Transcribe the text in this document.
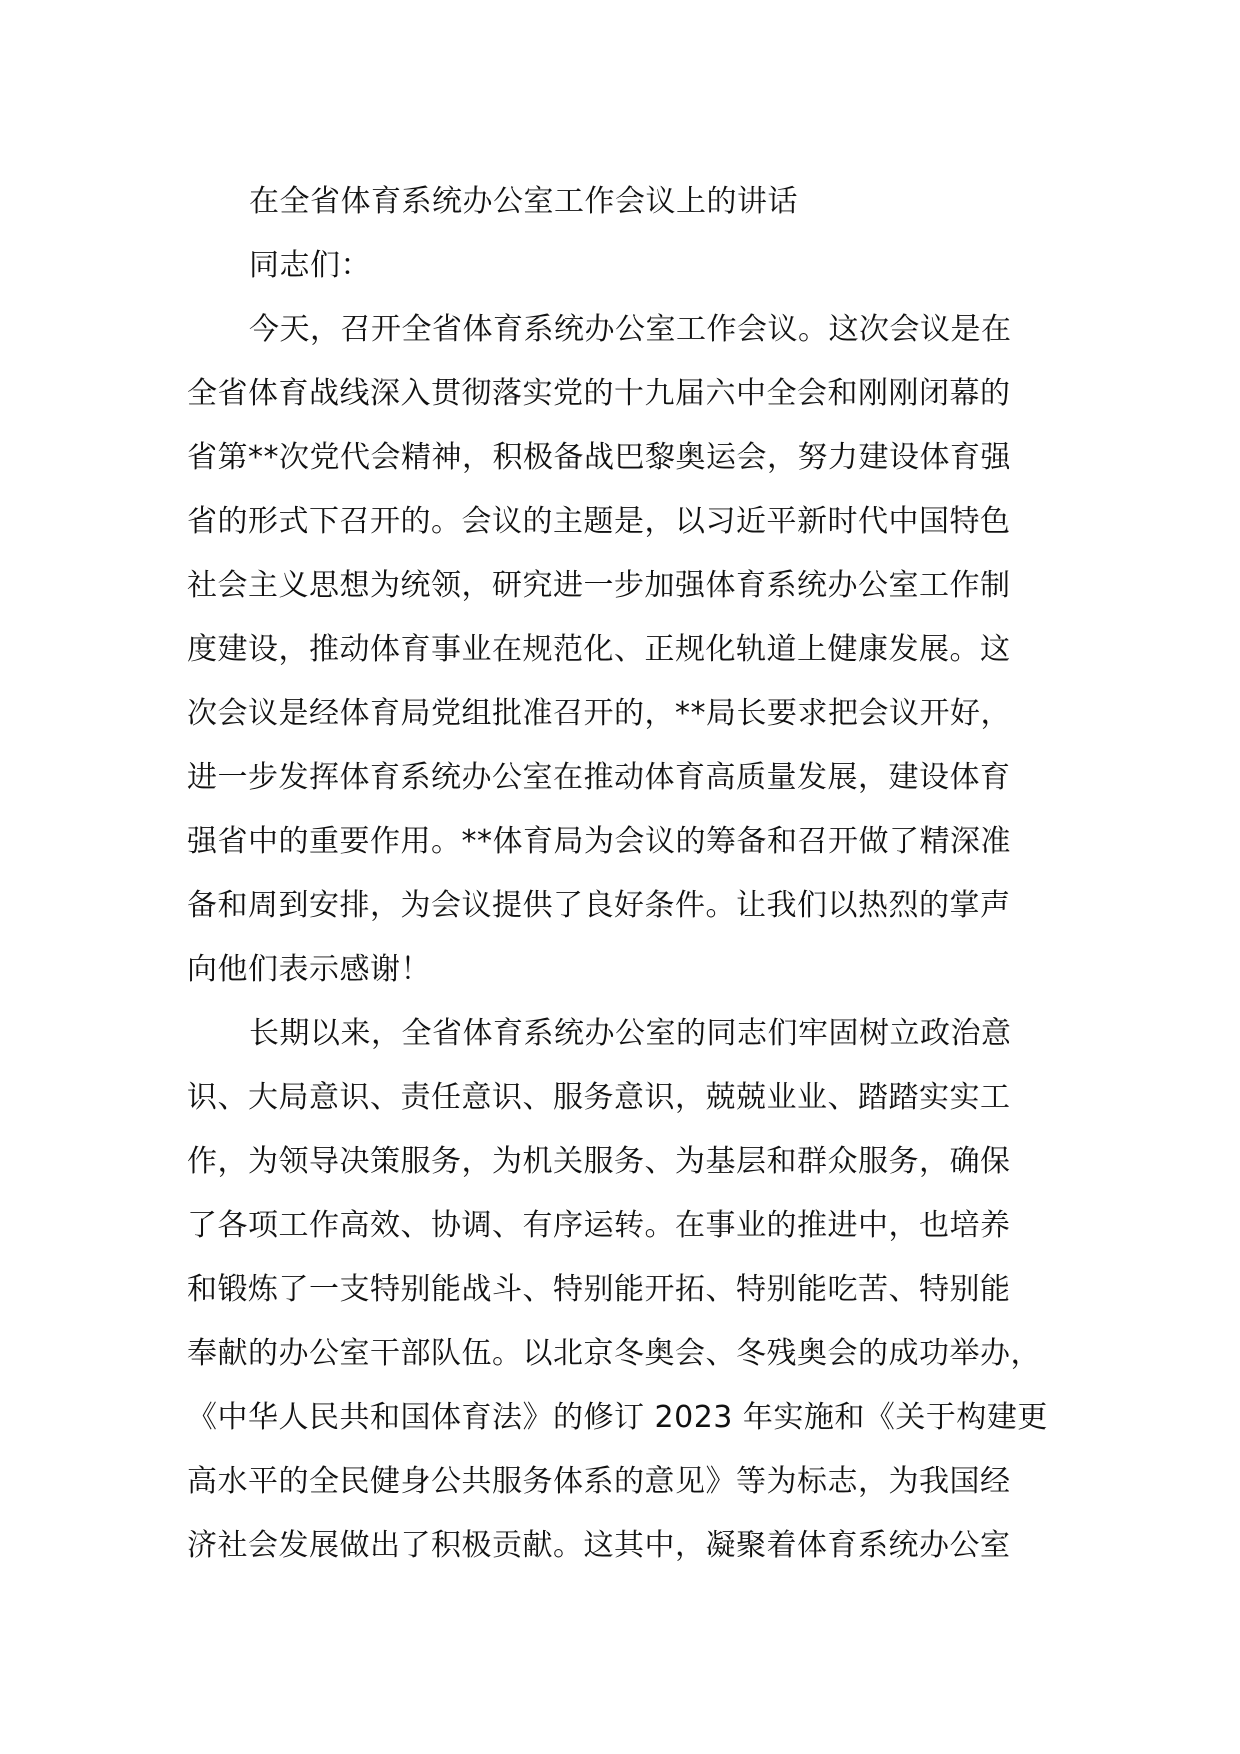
在全省体育系统办公室工作会议上的讲话
同志们：
今天，召开全省体育系统办公室工作会议。这次会议是在
全省体育战线深入贯彻落实党的十九届六中全会和刚刚闭幕的
省第**次党代会精神，积极备战巴黎奥运会，努力建设体育强
省的形式下召开的。会议的主题是，以习近平新时代中国特色
社会主义思想为统领，研究进一步加强体育系统办公室工作制
度建设，推动体育事业在规范化、正规化轨道上健康发展。这
次会议是经体育局党组批准召开的，**局长要求把会议开好，
进一步发挥体育系统办公室在推动体育高质量发展，建设体育
强省中的重要作用。**体育局为会议的筹备和召开做了精深准
备和周到安排，为会议提供了良好条件。让我们以热烈的掌声
向他们表示感谢！
长期以来，全省体育系统办公室的同志们牢固树立政治意
识、大局意识、责任意识、服务意识，兢兢业业、踏踏实实工
作，为领导决策服务，为机关服务、为基层和群众服务，确保
了各项工作高效、协调、有序运转。在事业的推进中，也培养
和锻炼了一支特别能战斗、特别能开拓、特别能吃苦、特别能
奉献的办公室干部队伍。以北京冬奥会、冬残奥会的成功举办，
《中华人民共和国体育法》的修订 2023 年实施和《关于构建更
高水平的全民健身公共服务体系的意见》等为标志，为我国经
济社会发展做出了积极贡献。这其中，凝聚着体育系统办公室
